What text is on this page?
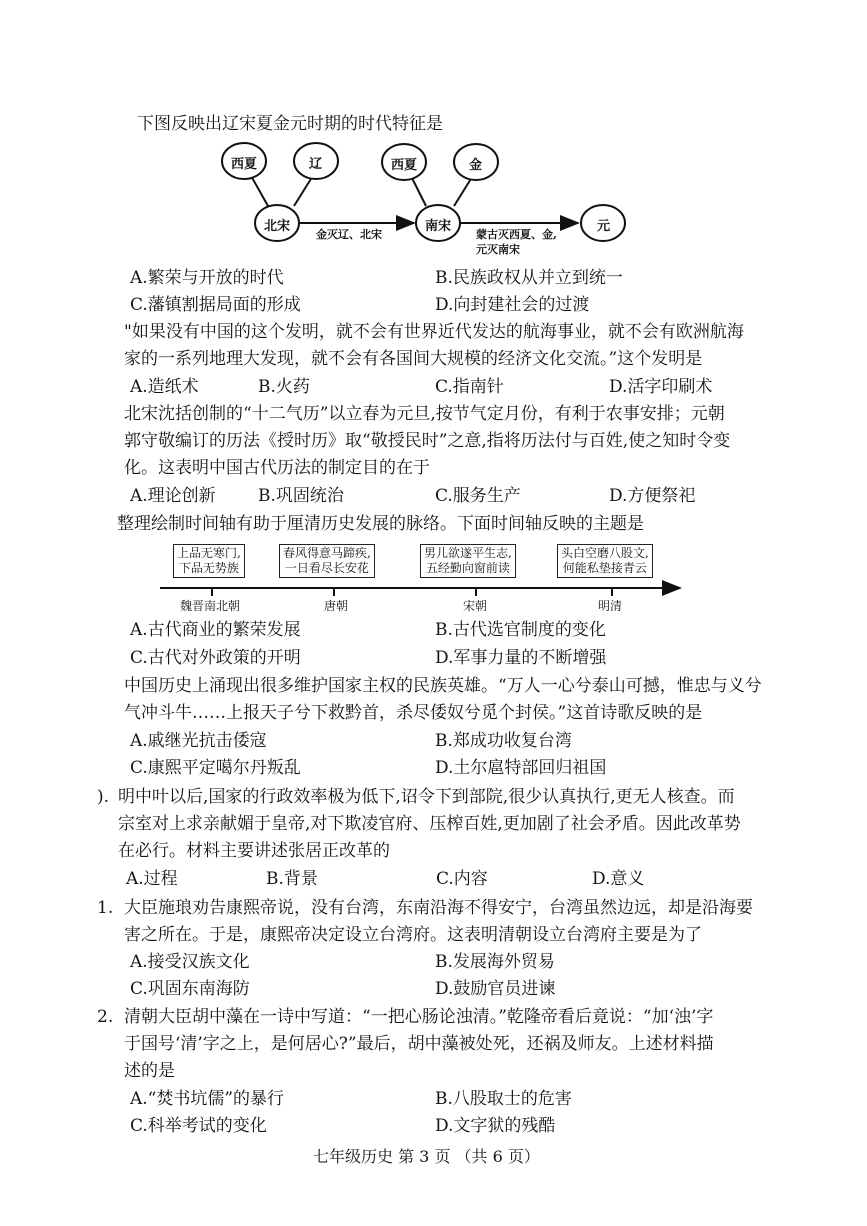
下图反映出辽宋夏金元时期的时代特征是
西夏	辽
北宋
西夏	金
南宋	元
金灭辽、北宋	蒙古灭西夏、金,
元灭南宋
A.繁荣与开放的时代	B.民族政权从并立到统一
C.藩镇割据局面的形成	D.向封建社会的过渡
"如果没有中国的这个发明，就不会有世界近代发达的航海事业，就不会有欧洲航海
家的一系列地理大发现，就不会有各国间大规模的经济文化交流。”这个发明是
A.造纸术	B.火药	C.指南针	D.活字印刷术
北宋沈括创制的“十二气历”以立春为元旦,按节气定月份，有利于农事安排；元朝
郭守敬编订的历法《授时历》取“敬授民时”之意,指将历法付与百姓,使之知时令变
化。这表明中国古代历法的制定目的在于
A.理论创新 B.巩固统治	C.服务生产	D.方便祭祀
整理绘制时间轴有助于厘清历史发展的脉络。下面时间轴反映的主题是
上品无寒门,
下品无势族
春风得意马蹄疾,
一日看尽长安花
男儿欲遂平生志,
五经勤向窗前读
头白空磨八股文,
何能私垫接青云
魏晋南北朝	唐朝	宋朝	明清
A.古代商业的繁荣发展	B.古代选官制度的变化
C.古代对外政策的开明	D.军事力量的不断增强
中国历史上涌现出很多维护国家主权的民族英雄。“万人一心兮泰山可撼，惟忠与义兮
气冲斗牛……上报天子兮下救黔首，杀尽倭奴兮觅个封侯。”这首诗歌反映的是
A.戚继光抗击倭寇	B.郑成功收复台湾
C.康熙平定噶尔丹叛乱	D.土尔扈特部回归祖国
). 明中叶以后,国家的行政效率极为低下,诏令下到部院,很少认真执行,更无人核查。而
宗室对上求亲献媚于皇帝,对下欺凌官府、压榨百姓,更加剧了社会矛盾。因此改革势
在必行。材料主要讲述张居正改革的
A.过程	B.背景	C.内容	D.意义
1. 大臣施琅劝告康熙帝说，没有台湾，东南沿海不得安宁，台湾虽然边远，却是沿海要
害之所在。于是，康熙帝决定设立台湾府。这表明清朝设立台湾府主要是为了
A.接受汉族文化	B.发展海外贸易
C.巩固东南海防	D.鼓励官员进谏
2. 清朝大臣胡中藻在一诗中写道：“一把心肠论浊清。”乾隆帝看后竟说：“加‘浊’字
于国号‘清’字之上，是何居心?”最后，胡中藻被处死，还祸及师友。上述材料描
述的是
A.“焚书坑儒”的暴行	B.八股取士的危害
C.科举考试的变化	D.文字狱的残酷
七年级历史 第 3 页 （共 6 页）
